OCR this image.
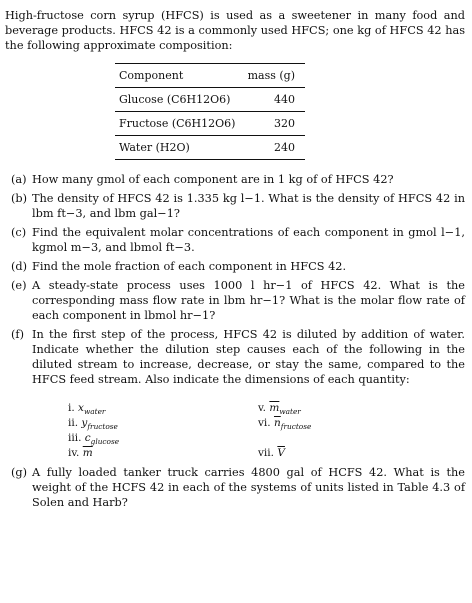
High-fructose corn syrup (HFCS) is used as a sweetener in many food and beverage products. HFCS 42 is a commonly used HFCS; one kg of HFCS 42 has the following approximate composition:

Component	mass (g)
Glucose (C6H12O6)	440
Fructose (C6H12O6)	320
Water (H2O)	240
(a) How many gmol of each component are in 1 kg of of HFCS 42?
(b) The density of HFCS 42 is 1.335 kg l−1. What is the density of HFCS 42 in lbm ft−3, and lbm gal−1?
(c) Find the equivalent molar concentrations of each component in gmol l−1, kgmol m−3, and lbmol ft−3.
(d) Find the mole fraction of each component in HFCS 42.
(e) A steady-state process uses 1000 l hr−1 of HFCS 42. What is the corresponding mass flow rate in lbm hr−1? What is the molar flow rate of each component in lbmol hr−1?
(f) In the first step of the process, HFCS 42 is diluted by addition of water. Indicate whether the dilution step causes each of the following in the diluted stream to increase, decrease, or stay the same, compared to the HFCS feed stream. Also indicate the dimensions of each quantity:
i. $x_{water}$	v. $\overline{m}_{water}$
ii. $y_{fructose}$	vi. $\overline{n}_{fructose}$
iii. $c_{glucose}$
iv. $\overline{m}$	vii. $\overline{V}$
(g) A fully loaded tanker truck carries 4800 gal of HCFS 42. What is the weight of the HCFS 42 in each of the systems of units listed in Table 4.3 of Solen and Harb?
